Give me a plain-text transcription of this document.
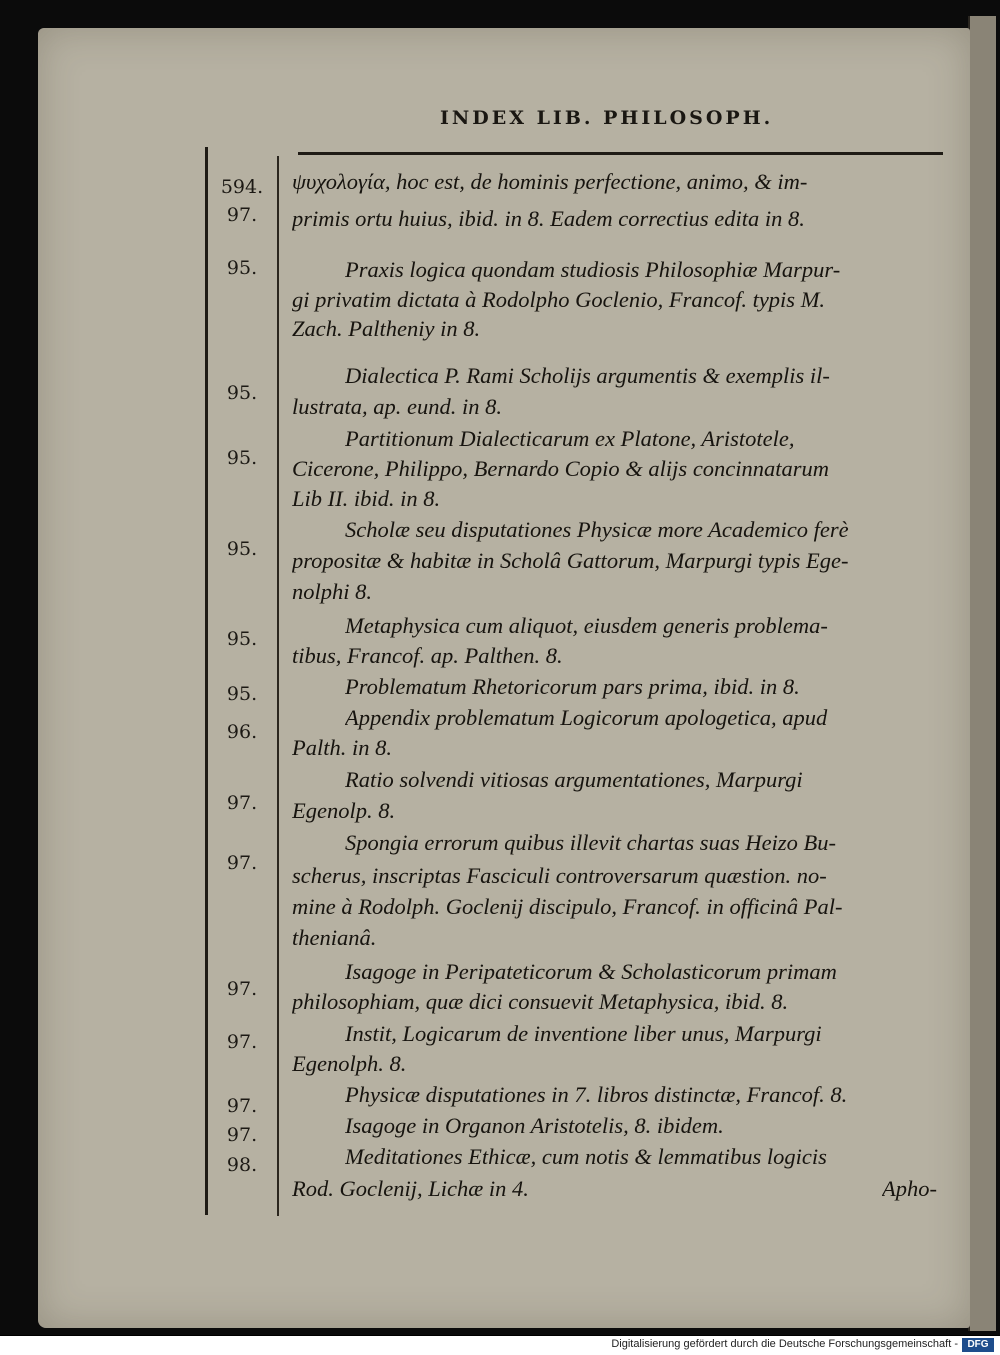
INDEX LIB. PHILOSOPH.
594.
97.
95.
95.
95.
95.
95.
95.
96.
97.
97.
97.
97.
97.
97.
98.
ψυχολογία, hoc est, de hominis perfectione, animo, & im-
primis ortu huius, ibid. in 8. Eadem correctius edita in 8.
Praxis logica quondam studiosis Philosophiæ Marpur-
gi privatim dictata à Rodolpho Goclenio, Francof. typis M.
Zach. Paltheniy in 8.
Dialectica P. Rami Scholijs argumentis & exemplis il-
lustrata, ap. eund. in 8.
Partitionum Dialecticarum ex Platone, Aristotele,
Cicerone, Philippo, Bernardo Copio & alijs concinnatarum
Lib II. ibid. in 8.
Scholæ seu disputationes Physicæ more Academico ferè
propositæ & habitæ in Scholâ Gattorum, Marpurgi typis Ege-
nolphi 8.
Metaphysica cum aliquot, eiusdem generis problema-
tibus, Francof. ap. Palthen. 8.
Problematum Rhetoricorum pars prima, ibid. in 8.
Appendix problematum Logicorum apologetica, apud
Palth. in 8.
Ratio solvendi vitiosas argumentationes, Marpurgi
Egenolp. 8.
Spongia errorum quibus illevit chartas suas Heizo Bu-
scherus, inscriptas Fasciculi controversarum quæstion. no-
mine à Rodolph. Goclenij discipulo, Francof. in officinâ Pal-
thenianâ.
Isagoge in Peripateticorum & Scholasticorum primam
philosophiam, quæ dici consuevit Metaphysica, ibid. 8.
Instit, Logicarum de inventione liber unus, Marpurgi
Egenolph. 8.
Physicæ disputationes in 7. libros distinctæ, Francof. 8.
Isagoge in Organon Aristotelis, 8. ibidem.
Meditationes Ethicæ, cum notis & lemmatibus logicis
Rod. Goclenij, Lichæ in 4.	Apho-
Digitalisierung gefördert durch die Deutsche Forschungsgemeinschaft - DFG
